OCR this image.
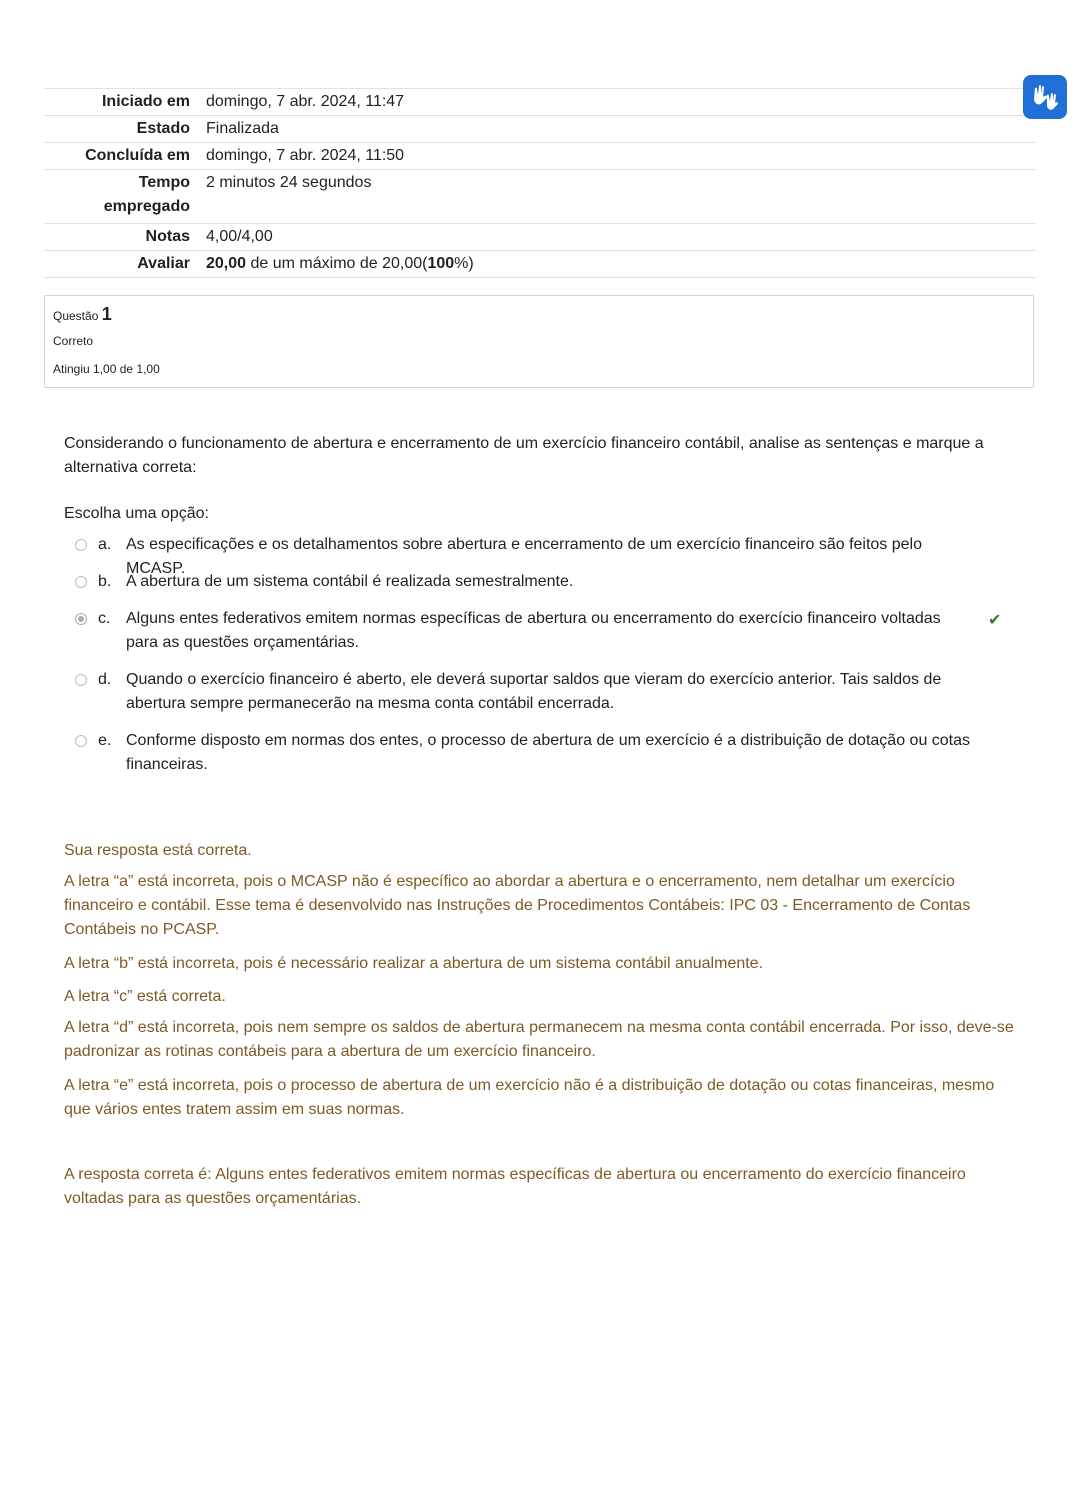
Iniciado em	domingo, 7 abr. 2024, 11:47
Estado	Finalizada
Concluída em	domingo, 7 abr. 2024, 11:50
Tempo empregado	2 minutos 24 segundos
Notas	4,00/4,00
Avaliar	20,00 de um máximo de 20,00(100%)
Questão 1
Correto
Atingiu 1,00 de 1,00
Considerando o funcionamento de abertura e encerramento de um exercício financeiro contábil, analise as sentenças e marque a alternativa correta:
Escolha uma opção:
a. As especificações e os detalhamentos sobre abertura e encerramento de um exercício financeiro são feitos pelo MCASP.
b. A abertura de um sistema contábil é realizada semestralmente.
c. Alguns entes federativos emitem normas específicas de abertura ou encerramento do exercício financeiro voltadas para as questões orçamentárias.
✔
d. Quando o exercício financeiro é aberto, ele deverá suportar saldos que vieram do exercício anterior. Tais saldos de abertura sempre permanecerão na mesma conta contábil encerrada.
e. Conforme disposto em normas dos entes, o processo de abertura de um exercício é a distribuição de dotação ou cotas financeiras.
Sua resposta está correta.
A letra “a” está incorreta, pois o MCASP não é específico ao abordar a abertura e o encerramento, nem detalhar um exercício financeiro e contábil. Esse tema é desenvolvido nas Instruções de Procedimentos Contábeis: IPC 03 - Encerramento de Contas Contábeis no PCASP.
A letra “b” está incorreta, pois é necessário realizar a abertura de um sistema contábil anualmente.
A letra “c” está correta.
A letra “d” está incorreta, pois nem sempre os saldos de abertura permanecem na mesma conta contábil encerrada. Por isso, deve-se padronizar as rotinas contábeis para a abertura de um exercício financeiro.
A letra “e” está incorreta, pois o processo de abertura de um exercício não é a distribuição de dotação ou cotas financeiras, mesmo que vários entes tratem assim em suas normas.
A resposta correta é: Alguns entes federativos emitem normas específicas de abertura ou encerramento do exercício financeiro voltadas para as questões orçamentárias.
